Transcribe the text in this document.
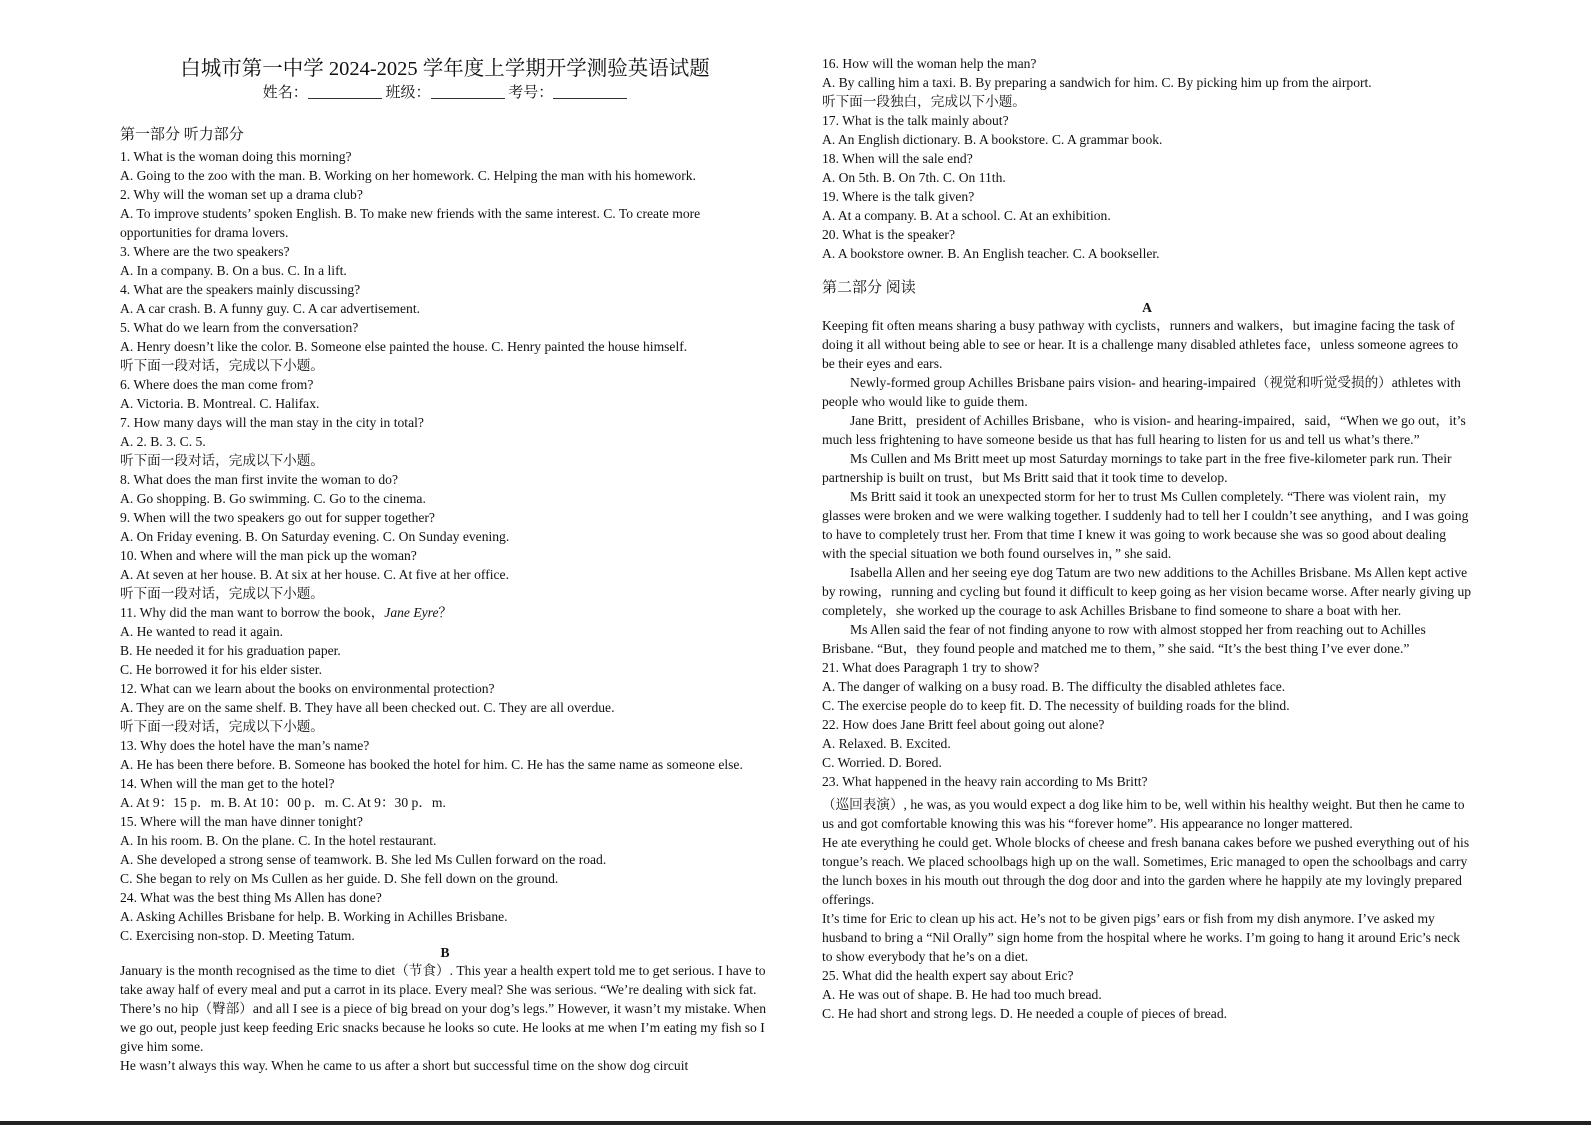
白城市第一中学 2024-2025 学年度上学期开学测验英语试题
姓名：	班级：	考号：
第一部分 听力部分
1. What is the woman doing this morning?
A. Going to the zoo with the man. B. Working on her homework. C. Helping the man with his homework.
2. Why will the woman set up a drama club?
A. To improve students’ spoken English. B. To make new friends with the same interest. C. To create more opportunities for drama lovers.
3. Where are the two speakers?
A. In a company. B. On a bus. C. In a lift.
4. What are the speakers mainly discussing?
A. A car crash. B. A funny guy. C. A car advertisement.
5. What do we learn from the conversation?
A. Henry doesn’t like the color. B. Someone else painted the house. C. Henry painted the house himself.
听下面一段对话，完成以下小题。
6. Where does the man come from?
A. Victoria. B. Montreal. C. Halifax.
7. How many days will the man stay in the city in total?
A. 2. B. 3. C. 5.
听下面一段对话，完成以下小题。
8. What does the man first invite the woman to do?
A. Go shopping. B. Go swimming. C. Go to the cinema.
9. When will the two speakers go out for supper together?
A. On Friday evening. B. On Saturday evening. C. On Sunday evening.
10. When and where will the man pick up the woman?
A. At seven at her house. B. At six at her house. C. At five at her office.
听下面一段对话，完成以下小题。
11. Why did the man want to borrow the book，Jane Eyre？
A. He wanted to read it again.
B. He needed it for his graduation paper.
C. He borrowed it for his elder sister.
12. What can we learn about the books on environmental protection?
A. They are on the same shelf. B. They have all been checked out. C. They are all overdue.
听下面一段对话，完成以下小题。
13. Why does the hotel have the man’s name?
A. He has been there before. B. Someone has booked the hotel for him. C. He has the same name as someone else.
14. When will the man get to the hotel?
A. At 9：15 p．m. B. At 10：00 p．m. C. At 9：30 p．m.
15. Where will the man have dinner tonight?
A. In his room. B. On the plane. C. In the hotel restaurant.
A. She developed a strong sense of teamwork. B. She led Ms Cullen forward on the road.
C. She began to rely on Ms Cullen as her guide. D. She fell down on the ground.
24. What was the best thing Ms Allen has done?
A. Asking Achilles Brisbane for help. B. Working in Achilles Brisbane.
C. Exercising non-stop. D. Meeting Tatum.
B
January is the month recognised as the time to diet（节食）. This year a health expert told me to get serious. I have to take away half of every meal and put a carrot in its place. Every meal? She was serious. “We’re dealing with sick fat. There’s no hip（臀部）and all I see is a piece of big bread on your dog’s legs.” However, it wasn’t my mistake. When we go out, people just keep feeding Eric snacks because he looks so cute. He looks at me when I’m eating my fish so I give him some.
He wasn’t always this way. When he came to us after a short but successful time on the show dog circuit
16. How will the woman help the man?
A. By calling him a taxi. B. By preparing a sandwich for him. C. By picking him up from the airport.
听下面一段独白，完成以下小题。
17. What is the talk mainly about?
A. An English dictionary. B. A bookstore. C. A grammar book.
18. When will the sale end?
A. On 5th. B. On 7th. C. On 11th.
19. Where is the talk given?
A. At a company. B. At a school. C. At an exhibition.
20. What is the speaker?
A. A bookstore owner. B. An English teacher. C. A bookseller.
第二部分 阅读
A
Keeping fit often means sharing a busy pathway with cyclists，runners and walkers，but imagine facing the task of doing it all without being able to see or hear. It is a challenge many disabled athletes face，unless someone agrees to be their eyes and ears.
Newly-formed group Achilles Brisbane pairs vision- and hearing-impaired（视觉和听觉受损的）athletes with people who would like to guide them.
Jane Britt，president of Achilles Brisbane，who is vision- and hearing-impaired，said，“When we go out，it’s much less frightening to have someone beside us that has full hearing to listen for us and tell us what’s there.”
Ms Cullen and Ms Britt meet up most Saturday mornings to take part in the free five-kilometer park run. Their partnership is built on trust，but Ms Britt said that it took time to develop.
Ms Britt said it took an unexpected storm for her to trust Ms Cullen completely. “There was violent rain，my glasses were broken and we were walking together. I suddenly had to tell her I couldn’t see anything，and I was going to have to completely trust her. From that time I knew it was going to work because she was so good about dealing with the special situation we both found ourselves in，” she said.
Isabella Allen and her seeing eye dog Tatum are two new additions to the Achilles Brisbane. Ms Allen kept active by rowing，running and cycling but found it difficult to keep going as her vision became worse. After nearly giving up completely，she worked up the courage to ask Achilles Brisbane to find someone to share a boat with her.
Ms Allen said the fear of not finding anyone to row with almost stopped her from reaching out to Achilles Brisbane. “But，they found people and matched me to them，” she said. “It’s the best thing I’ve ever done.”
21. What does Paragraph 1 try to show?
A. The danger of walking on a busy road. B. The difficulty the disabled athletes face.
C. The exercise people do to keep fit. D. The necessity of building roads for the blind.
22. How does Jane Britt feel about going out alone?
A. Relaxed. B. Excited.
C. Worried. D. Bored.
23. What happened in the heavy rain according to Ms Britt?
（巡回表演）, he was, as you would expect a dog like him to be, well within his healthy weight. But then he came to us and got comfortable knowing this was his “forever home”. His appearance no longer mattered.
He ate everything he could get. Whole blocks of cheese and fresh banana cakes before we pushed everything out of his tongue’s reach. We placed schoolbags high up on the wall. Sometimes, Eric managed to open the schoolbags and carry the lunch boxes in his mouth out through the dog door and into the garden where he happily ate my lovingly prepared offerings.
It’s time for Eric to clean up his act. He’s not to be given pigs’ ears or fish from my dish anymore. I’ve asked my husband to bring a “Nil Orally” sign home from the hospital where he works. I’m going to hang it around Eric’s neck to show everybody that he’s on a diet.
25. What did the health expert say about Eric?
A. He was out of shape. B. He had too much bread.
C. He had short and strong legs. D. He needed a couple of pieces of bread.
